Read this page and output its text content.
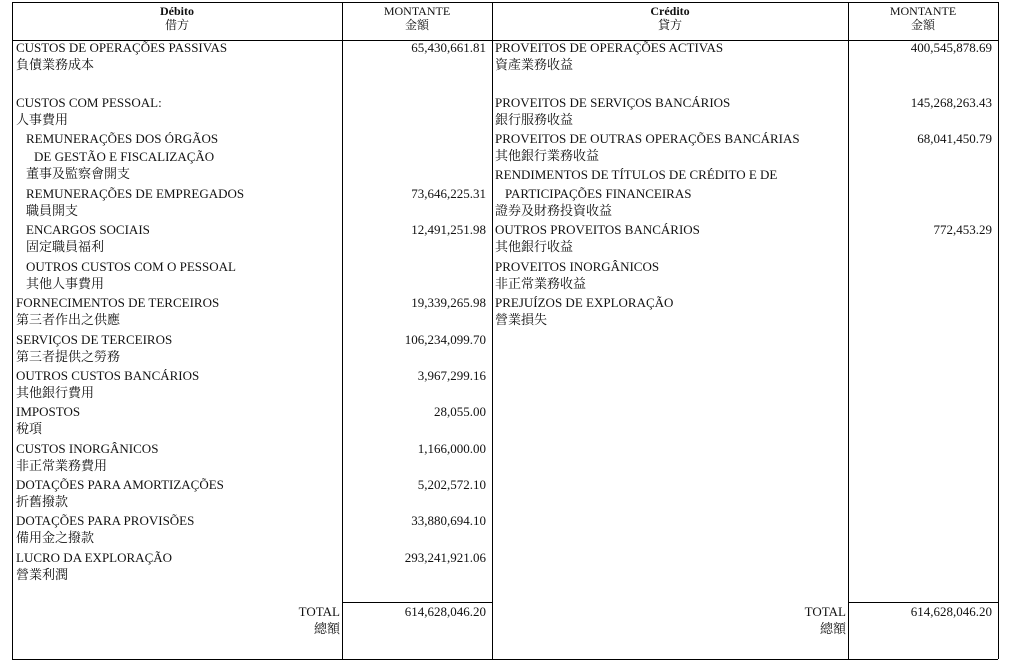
Débito
借方
MONTANTE
金額
Crédito
貸方
MONTANTE
金額
CUSTOS DE OPERAÇÕES PASSIVAS
負債業務成本
65,430,661.81
CUSTOS COM PESSOAL:
人事費用
REMUNERAÇÕES DOS ÓRGÃOS
DE GESTÃO E FISCALIZAÇÃO
董事及監察會開支
REMUNERAÇÕES DE EMPREGADOS
職員開支
73,646,225.31
ENCARGOS SOCIAIS
固定職員福利
12,491,251.98
OUTROS CUSTOS COM O PESSOAL
其他人事費用
FORNECIMENTOS DE TERCEIROS
第三者作出之供應
19,339,265.98
SERVIÇOS DE TERCEIROS
第三者提供之勞務
106,234,099.70
OUTROS CUSTOS BANCÁRIOS
其他銀行費用
3,967,299.16
IMPOSTOS
稅項
28,055.00
CUSTOS INORGÂNICOS
非正常業務費用
1,166,000.00
DOTAÇÕES PARA AMORTIZAÇÕES
折舊撥款
5,202,572.10
DOTAÇÕES PARA PROVISÕES
備用金之撥款
33,880,694.10
LUCRO DA EXPLORAÇÃO
營業利潤
293,241,921.06
PROVEITOS DE OPERAÇÕES ACTIVAS
資產業務收益
400,545,878.69
PROVEITOS DE SERVIÇOS BANCÁRIOS
銀行服務收益
145,268,263.43
PROVEITOS DE OUTRAS OPERAÇÕES BANCÁRIAS
其他銀行業務收益
68,041,450.79
RENDIMENTOS DE TÍTULOS DE CRÉDITO E DE
PARTICIPAÇÕES FINANCEIRAS
證券及財務投資收益
OUTROS PROVEITOS BANCÁRIOS
其他銀行收益
772,453.29
PROVEITOS INORGÂNICOS
非正常業務收益
PREJUÍZOS DE EXPLORAÇÃO
營業損失
TOTAL
總額
614,628,046.20	TOTAL
總額
614,628,046.20
